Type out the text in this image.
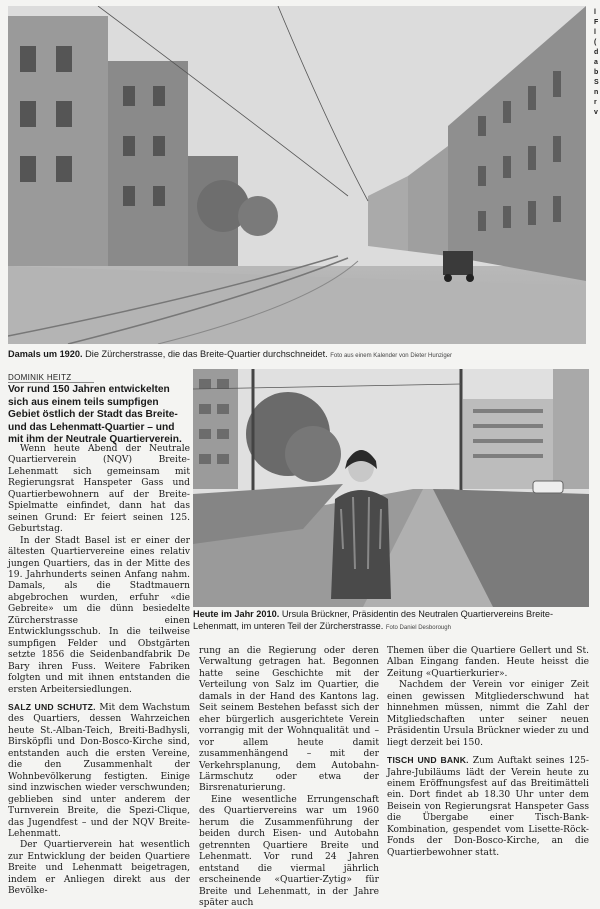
Damals um 1920. Die Zürcherstrasse, die das Breite-Quartier durchschneidet. Foto aus einem Kalender von Dieter Hunziger
DOMINIK HEITZ
Vor rund 150 Jahren entwickelten sich aus einem teils sumpfigen Gebiet östlich der Stadt das Breite- und das Lehenmatt-Quartier – und mit ihm der Neutrale Quartierverein.
Heute im Jahr 2010. Ursula Brückner, Präsidentin des Neutralen Quartiervereins Breite-Lehenmatt, im unteren Teil der Zürcherstrasse. Foto Daniel Desborough

Wenn heute Abend der Neutrale Quartierverein (NQV) Breite-Lehenmatt sich gemeinsam mit Regierungsrat Hanspeter Gass und Quartierbewohnern auf der Breite-Spielmatte einfindet, dann hat das seinen Grund: Er feiert seinen 125. Geburtstag.

In der Stadt Basel ist er einer der ältesten Quartiervereine eines relativ jungen Quartiers, das in der Mitte des 19. Jahrhunderts seinen Anfang nahm. Damals, als die Stadtmauern abgebrochen wurden, erfuhr «die Gebreite» um die dünn besiedelte Zürcherstrasse einen Entwicklungsschub. In die teilweise sumpfigen Felder und Obstgärten setzte 1856 die Seidenbandfabrik De Bary ihren Fuss. Weitere Fabriken folgten und mit ihnen entstanden die ersten Arbeitersiedlungen.

SALZ UND SCHUTZ. Mit dem Wachstum des Quartiers, dessen Wahrzeichen heute St.-Alban-Teich, Breiti-Badhysli, Birsköpfli und Don-Bosco-Kirche sind, entstanden auch die ersten Vereine, die den Zusammenhalt der Wohnbevölkerung festigten. Einige sind inzwischen wieder verschwunden; geblieben sind unter anderem der Turnverein Breite, die Spezi-Clique, das Jugendfest – und der NQV Breite-Lehenmatt.

Der Quartierverein hat wesentlich zur Entwicklung der beiden Quartiere Breite und Lehenmatt beigetragen, indem er Anliegen direkt aus der Bevölke-

rung an die Regierung oder deren Verwaltung getragen hat. Begonnen hatte seine Geschichte mit der Verteilung von Salz im Quartier, die damals in der Hand des Kantons lag. Seit seinem Bestehen befasst sich der eher bürgerlich ausgerichtete Verein vorrangig mit der Wohnqualität und – vor allem heute damit zusammenhängend – mit der Verkehrsplanung, dem Autobahn-Lärmschutz oder etwa der Birsrenaturierung.

Eine wesentliche Errungenschaft des Quartiervereins war um 1960 herum die Zusammenführung der beiden durch Eisen- und Autobahn getrennten Quartiere Breite und Lehenmatt. Vor rund 24 Jahren entstand die viermal jährlich erscheinende «Quartier-Zytig» für Breite und Lehenmatt, in der Jahre später auch

Themen über die Quartiere Gellert und St. Alban Eingang fanden. Heute heisst die Zeitung «Quartierkurier».

Nachdem der Verein vor einiger Zeit einen gewissen Mitgliederschwund hat hinnehmen müssen, nimmt die Zahl der Mitgliedschaften unter seiner neuen Präsidentin Ursula Brückner wieder zu und liegt derzeit bei 150.

TISCH UND BANK. Zum Auftakt seines 125-Jahre-Jubiläums lädt der Verein heute zu einem Eröffnungsfest auf das Breitimätteli ein. Dort findet ab 18.30 Uhr unter dem Beisein von Regierungsrat Hanspeter Gass die Übergabe einer Tisch-Bank-Kombination, gespendet vom Lisette-Röck-Fonds der Don-Bosco-Kirche, an die Quartierbewohner statt.

l
F
l
(
d
a
b
S
n
r
v
